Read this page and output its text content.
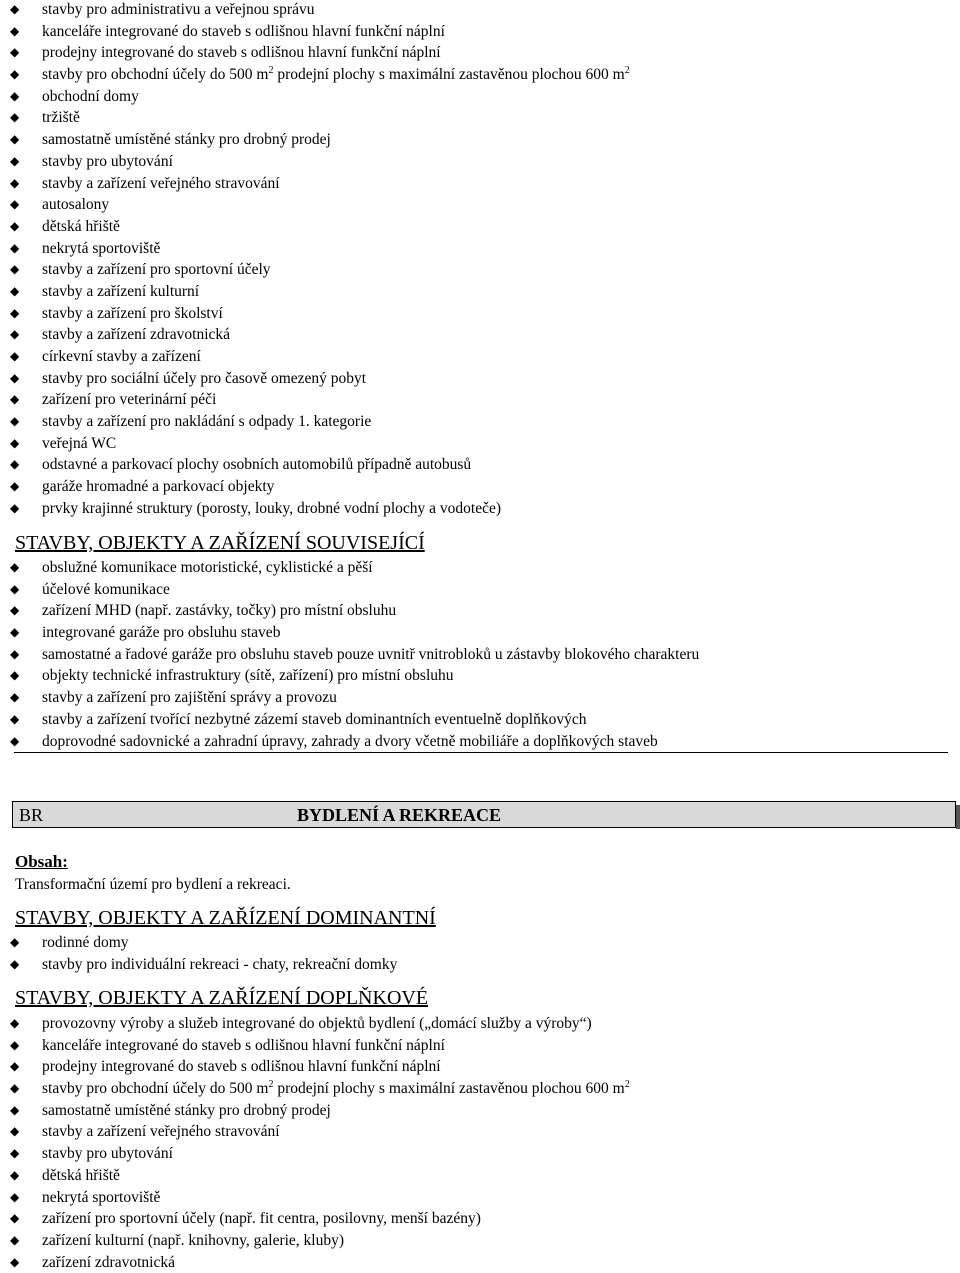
◆ stavby pro administrativu a veřejnou správu
◆ kanceláře integrované do staveb s odlišnou hlavní funkční náplní
◆ prodejny integrované do staveb s odlišnou hlavní funkční náplní
◆ stavby pro obchodní účely do 500 $m^2$ prodejní plochy s maximální zastavěnou plochou 600 $m^2$
◆ obchodní domy
◆ tržiště
◆ samostatně umístěné stánky pro drobný prodej
◆ stavby pro ubytování
◆ stavby a zařízení veřejného stravování
◆ autosalony
◆ dětská hřiště
◆ nekrytá sportoviště
◆ stavby a zařízení pro sportovní účely
◆ stavby a zařízení kulturní
◆ stavby a zařízení pro školství
◆ stavby a zařízení zdravotnická
◆ církevní stavby a zařízení
◆ stavby pro sociální účely pro časově omezený pobyt
◆ zařízení pro veterinární péči
◆ stavby a zařízení pro nakládání s odpady 1. kategorie
◆ veřejná WC
◆ odstavné a parkovací plochy osobních automobilů případně autobusů
◆ garáže hromadné a parkovací objekty
◆ prvky krajinné struktury (porosty, louky, drobné vodní plochy a vodoteče)
STAVBY, OBJEKTY A ZAŘÍZENÍ SOUVISEJÍCÍ
◆ obslužné komunikace motoristické, cyklistické a pěší
◆ účelové komunikace
◆ zařízení MHD (např. zastávky, točky) pro místní obsluhu
◆ integrované garáže pro obsluhu staveb
◆ samostatné a řadové garáže pro obsluhu staveb pouze uvnitř vnitrobloků u zástavby blokového charakteru
◆ objekty technické infrastruktury (sítě, zařízení) pro místní obsluhu
◆ stavby a zařízení pro zajištění správy a provozu
◆ stavby a zařízení tvořící nezbytné zázemí staveb dominantních eventuelně doplňkových
◆ doprovodné sadovnické a zahradní úpravy, zahrady a dvory včetně mobiliáře a doplňkových staveb
BR	BYDLENÍ A REKREACE
Obsah:
Transformační území pro bydlení a rekreaci.
STAVBY, OBJEKTY A ZAŘÍZENÍ DOMINANTNÍ
◆ rodinné domy
◆ stavby pro individuální rekreaci - chaty, rekreační domky
STAVBY, OBJEKTY A ZAŘÍZENÍ DOPLŇKOVÉ
◆ provozovny výroby a služeb integrované do objektů bydlení („domácí služby a výroby“)
◆ kanceláře integrované do staveb s odlišnou hlavní funkční náplní
◆ prodejny integrované do staveb s odlišnou hlavní funkční náplní
◆ stavby pro obchodní účely do 500 $m^2$ prodejní plochy s maximální zastavěnou plochou 600 $m^2$
◆ samostatně umístěné stánky pro drobný prodej
◆ stavby a zařízení veřejného stravování
◆ stavby pro ubytování
◆ dětská hřiště
◆ nekrytá sportoviště
◆ zařízení pro sportovní účely (např. fit centra, posilovny, menší bazény)
◆ zařízení kulturní (např. knihovny, galerie, kluby)
◆ zařízení zdravotnická
